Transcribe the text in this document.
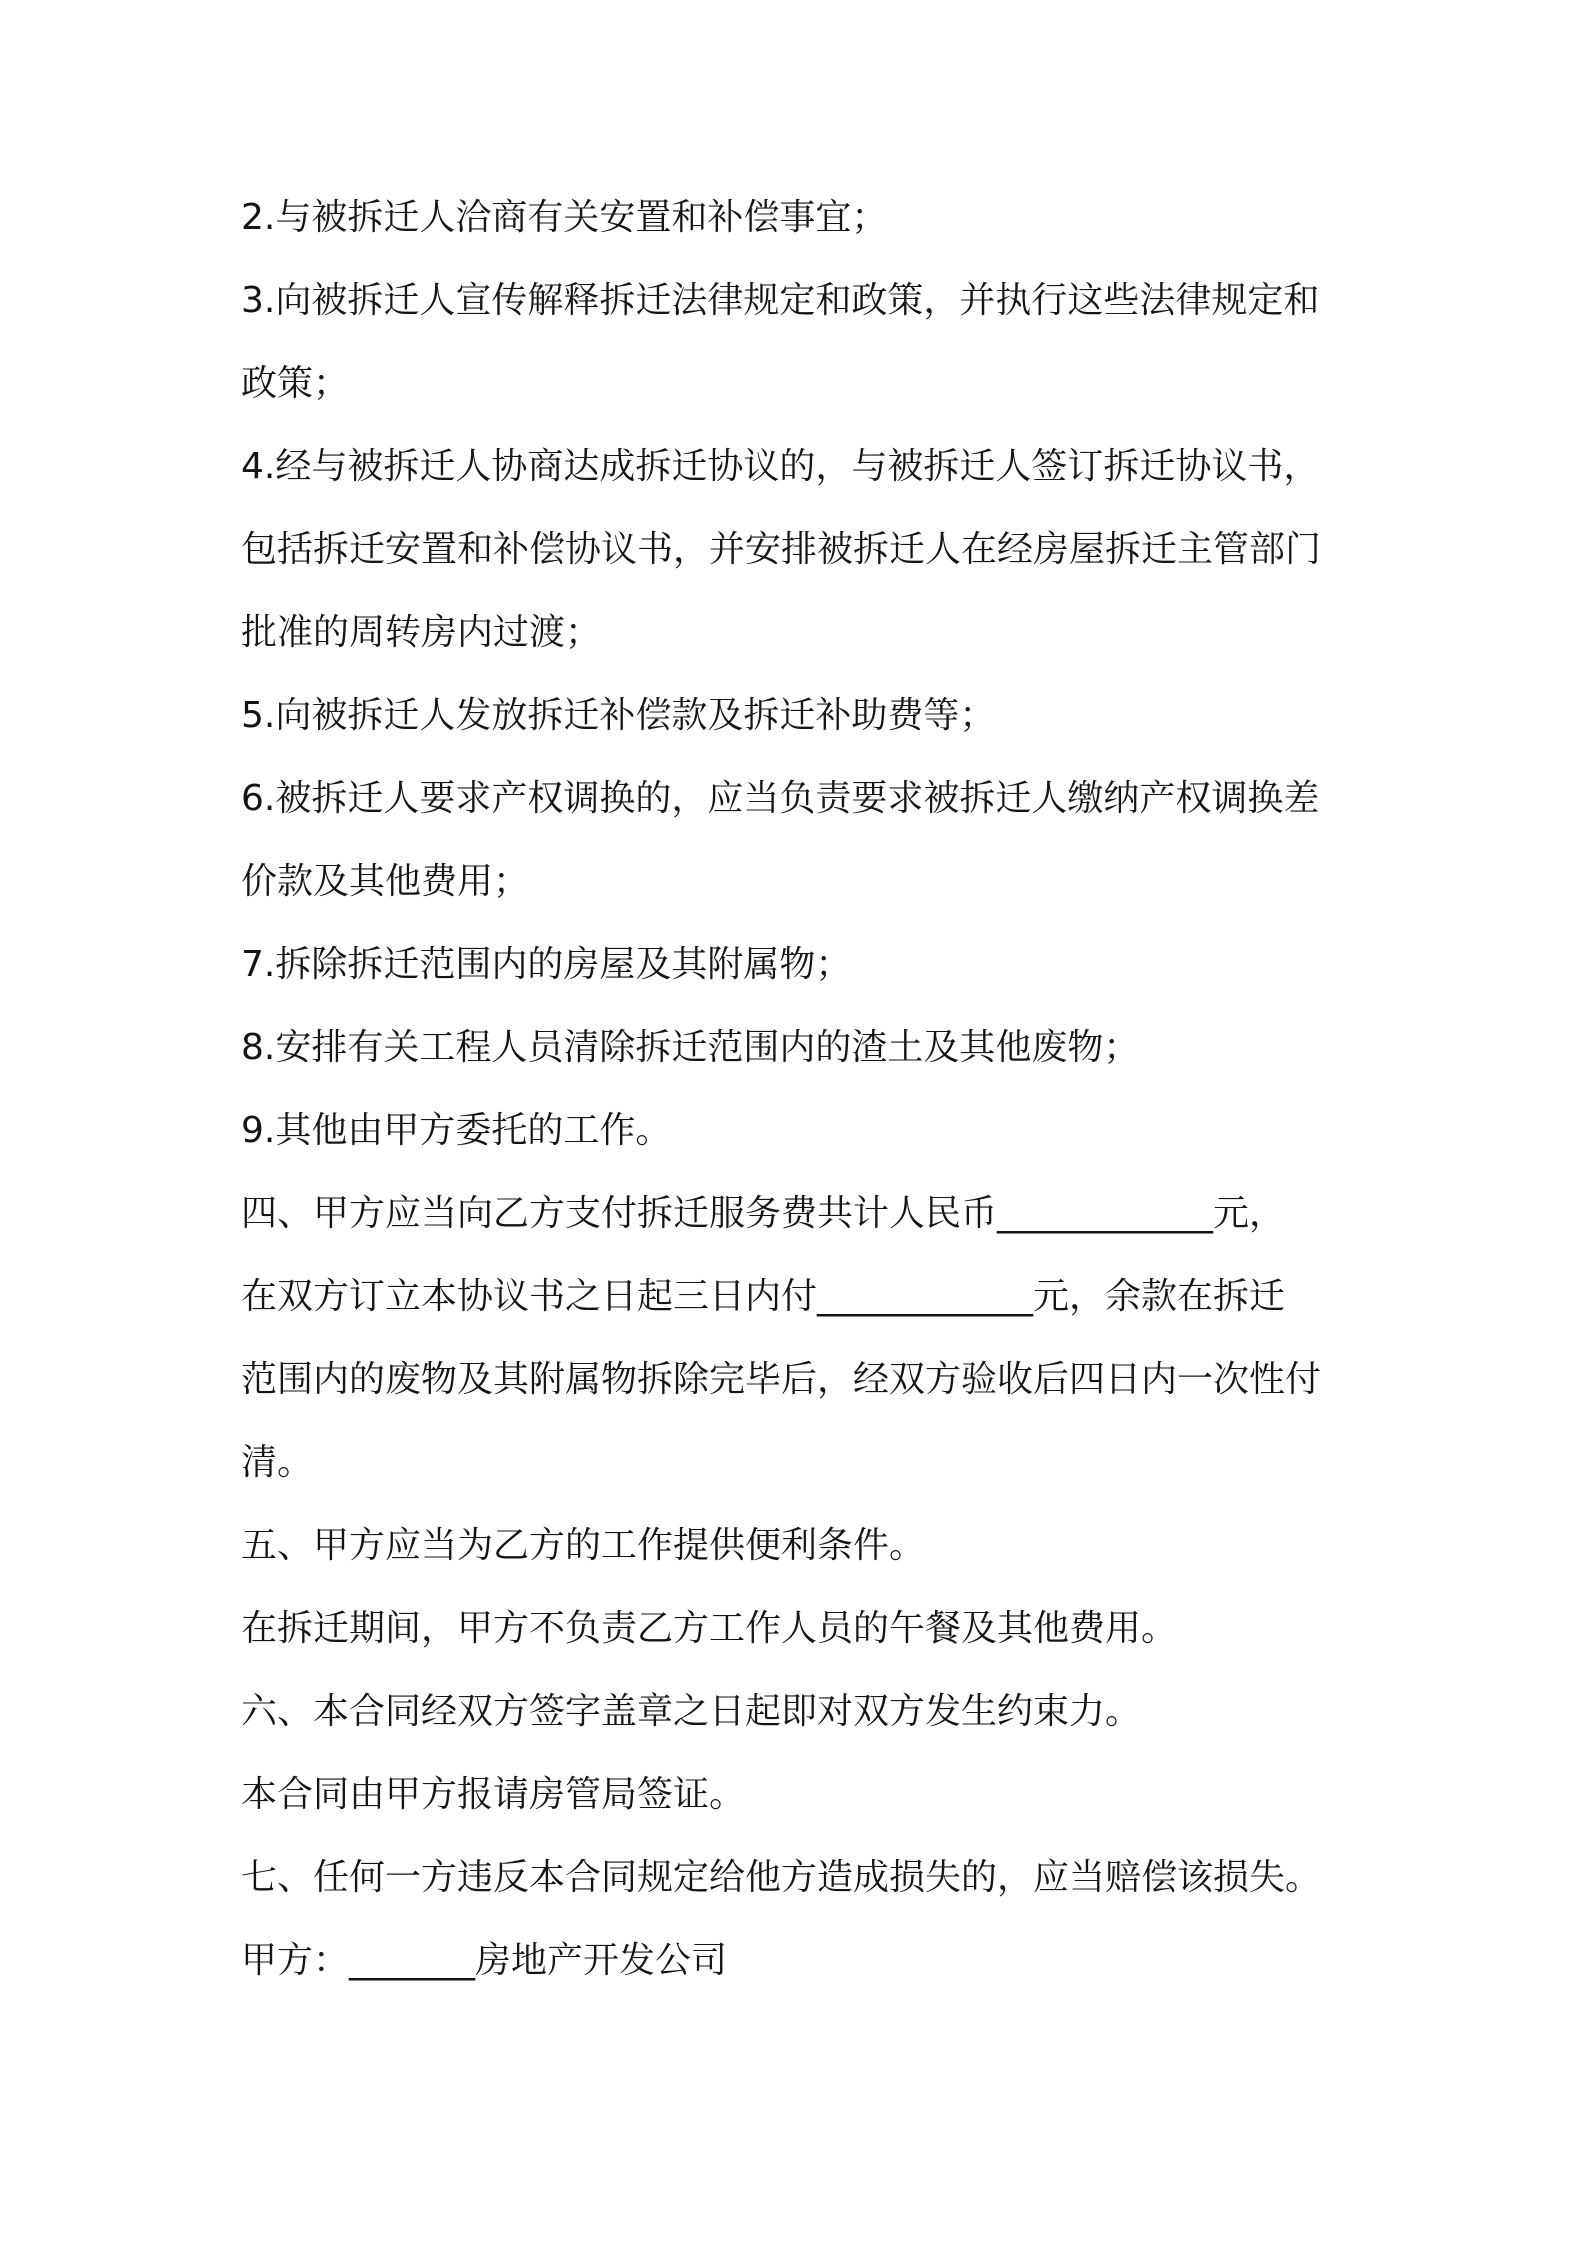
2.与被拆迁人洽商有关安置和补偿事宜；
3.向被拆迁人宣传解释拆迁法律规定和政策，并执行这些法律规定和
政策；
4.经与被拆迁人协商达成拆迁协议的，与被拆迁人签订拆迁协议书，
包括拆迁安置和补偿协议书，并安排被拆迁人在经房屋拆迁主管部门
批准的周转房内过渡；
5.向被拆迁人发放拆迁补偿款及拆迁补助费等；
6.被拆迁人要求产权调换的，应当负责要求被拆迁人缴纳产权调换差
价款及其他费用；
7.拆除拆迁范围内的房屋及其附属物；
8.安排有关工程人员清除拆迁范围内的渣土及其他废物；
9.其他由甲方委托的工作。
四、甲方应当向乙方支付拆迁服务费共计人民币____________元，
在双方订立本协议书之日起三日内付____________元，余款在拆迁
范围内的废物及其附属物拆除完毕后，经双方验收后四日内一次性付
清。
五、甲方应当为乙方的工作提供便利条件。
在拆迁期间，甲方不负责乙方工作人员的午餐及其他费用。
六、本合同经双方签字盖章之日起即对双方发生约束力。
本合同由甲方报请房管局签证。
七、任何一方违反本合同规定给他方造成损失的，应当赔偿该损失。
甲方：_______房地产开发公司
